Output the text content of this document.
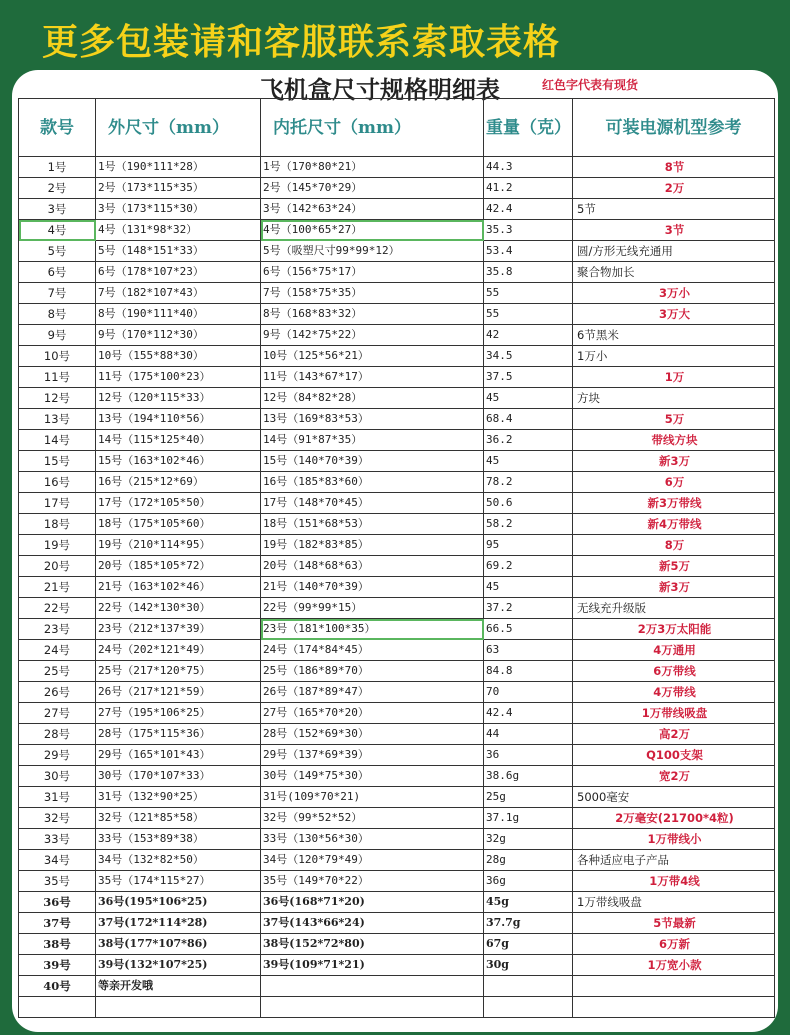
更多包装请和客服联系索取表格
飞机盒尺寸规格明细表	红色字代表有现货
款号	外尺寸（mm）	内托尺寸（mm）	重量（克）	可装电源机型参考
1号	1号（190*111*28）	1号（170*80*21）	44.3	8节
2号	2号（173*115*35）	2号（145*70*29）	41.2	2万
3号	3号（173*115*30）	3号（142*63*24）	42.4	5节
4号	4号（131*98*32）	4号（100*65*27）	35.3	3节
5号	5号（148*151*33）	5号（吸塑尺寸99*99*12）	53.4	圆/方形无线充通用
6号	6号（178*107*23）	6号（156*75*17）	35.8	聚合物加长
7号	7号（182*107*43）	7号（158*75*35）	55	3万小
8号	8号（190*111*40）	8号（168*83*32）	55	3万大
9号	9号（170*112*30）	9号（142*75*22）	42	6节黑米
10号	10号（155*88*30）	10号（125*56*21）	34.5	1万小
11号	11号（175*100*23）	11号（143*67*17）	37.5	1万
12号	12号（120*115*33）	12号（84*82*28）	45	方块
13号	13号（194*110*56）	13号（169*83*53）	68.4	5万
14号	14号（115*125*40）	14号（91*87*35）	36.2	带线方块
15号	15号（163*102*46）	15号（140*70*39）	45	新3万
16号	16号（215*12*69）	16号（185*83*60）	78.2	6万
17号	17号（172*105*50）	17号（148*70*45）	50.6	新3万带线
18号	18号（175*105*60）	18号（151*68*53）	58.2	新4万带线
19号	19号（210*114*95）	19号（182*83*85）	95	8万
20号	20号（185*105*72）	20号（148*68*63）	69.2	新5万
21号	21号（163*102*46）	21号（140*70*39）	45	新3万
22号	22号（142*130*30）	22号（99*99*15）	37.2	无线充升级版
23号	23号（212*137*39）	23号（181*100*35）	66.5	2万3万太阳能
24号	24号（202*121*49）	24号（174*84*45）	63	4万通用
25号	25号（217*120*75）	25号（186*89*70）	84.8	6万带线
26号	26号（217*121*59）	26号（187*89*47）	70	4万带线
27号	27号（195*106*25）	27号（165*70*20）	42.4	1万带线吸盘
28号	28号（175*115*36）	28号（152*69*30）	44	高2万
29号	29号（165*101*43）	29号（137*69*39）	36	Q100支架
30号	30号（170*107*33）	30号（149*75*30）	38.6g	宽2万
31号	31号（132*90*25）	31号(109*70*21)	25g	5000毫安
32号	32号（121*85*58）	32号（99*52*52）	37.1g	2万毫安(21700*4粒)
33号	33号（153*89*38）	33号（130*56*30）	32g	1万带线小
34号	34号（132*82*50）	34号（120*79*49）	28g	各种适应电子产品
35号	35号（174*115*27）	35号（149*70*22）	36g	1万带4线
36号	36号(195*106*25)	36号(168*71*20)	45g	1万带线吸盘
37号	37号(172*114*28)	37号(143*66*24)	37.7g	5节最新
38号	38号(177*107*86)	38号(152*72*80)	67g	6万新
39号	39号(132*107*25)	39号(109*71*21)	30g	1万宽小款
40号	等亲开发哦			
